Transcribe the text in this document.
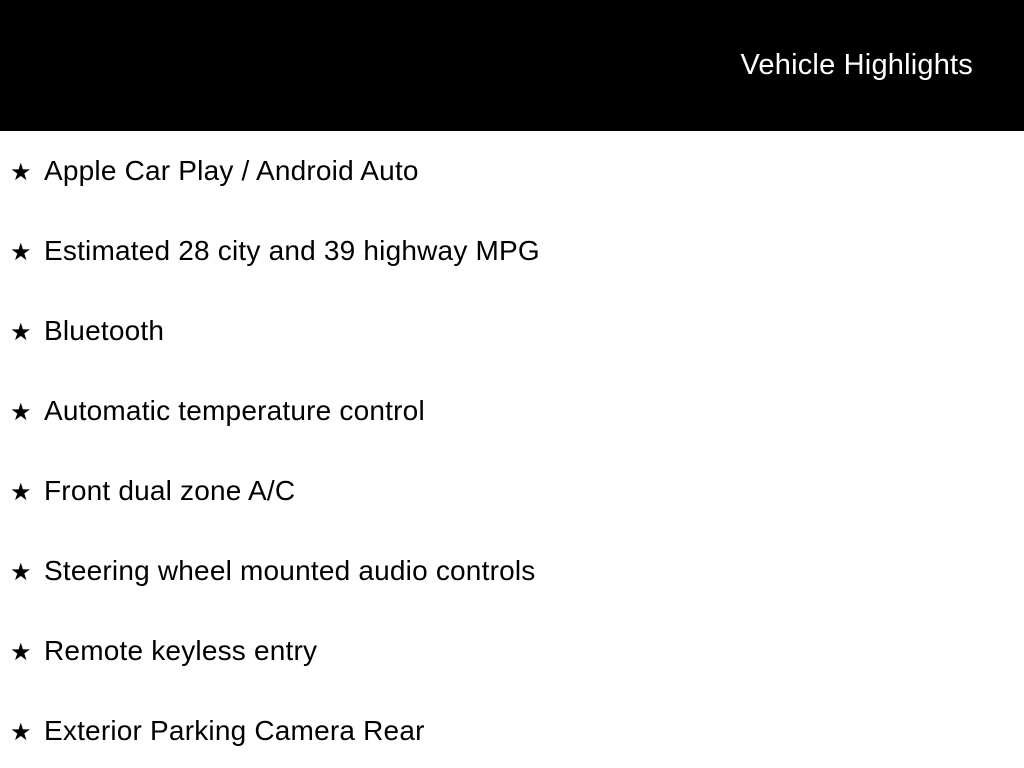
Vehicle Highlights
★ Apple Car Play / Android Auto
★ Estimated 28 city and 39 highway MPG
★ Bluetooth
★ Automatic temperature control
★ Front dual zone A/C
★ Steering wheel mounted audio controls
★ Remote keyless entry
★ Exterior Parking Camera Rear
